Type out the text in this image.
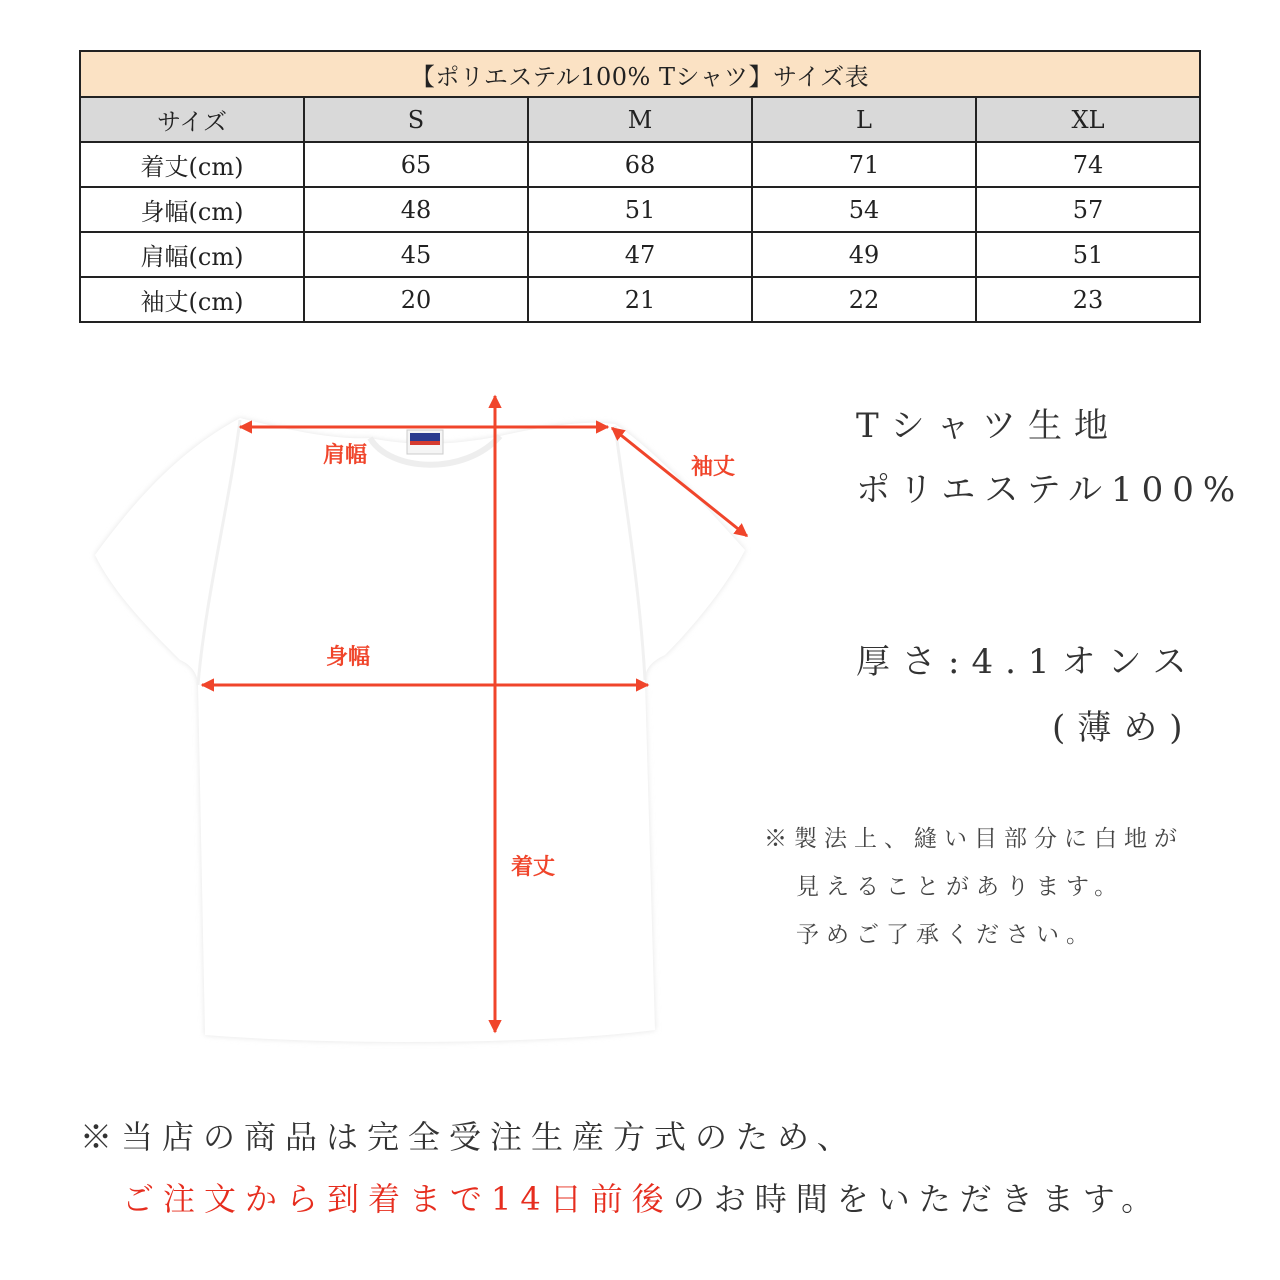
【ポリエステル100% Tシャツ】サイズ表				
サイズ	S	M	L	XL
着丈(cm)	65	68	71	74
身幅(cm)	48	51	54	57
肩幅(cm)	45	47	49	51
袖丈(cm)	20	21	22	23
肩幅	袖丈
身幅
着丈
Tシャツ生地
ポリエステル100%
厚さ:4.1オンス
(薄め)
※製法上、縫い目部分に白地が
見えることがあります。
予めご了承ください。
※当店の商品は完全受注生産方式のため、
ご注文から到着まで14日前後のお時間をいただきます。
